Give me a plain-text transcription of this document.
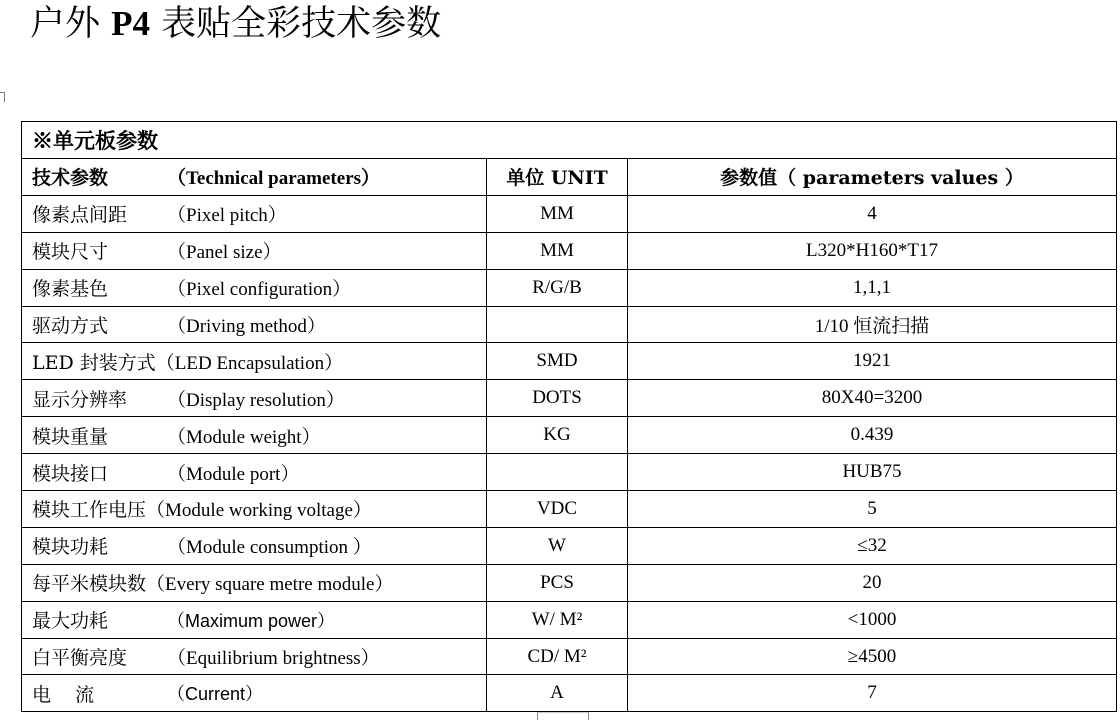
户外 P4 表贴全彩技术参数
※单元板参数		
技术参数 （Technical parameters）	单位 UNIT	参数值（ parameters values ）
像素点间距 （Pixel pitch）	MM	4
模块尺寸 （Panel size）	MM	L320*H160*T17
像素基色 （Pixel configuration）	R/G/B	1,1,1
驱动方式 （Driving method）		1/10 恒流扫描
LED 封装方式（LED Encapsulation）	SMD	1921
显示分辨率 （Display resolution）	DOTS	80X40=3200
模块重量 （Module weight）	KG	0.439
模块接口 （Module port）		HUB75
模块工作电压（Module working voltage）	VDC	5
模块功耗 （Module consumption ）	W	≤32
每平米模块数（Every square metre module）	PCS	20
最大功耗 （Maximum power）	W/ M²	<1000
白平衡亮度 （Equilibrium brightness）	CD/ M²	≥4500
电    流 （Current）	A	7
